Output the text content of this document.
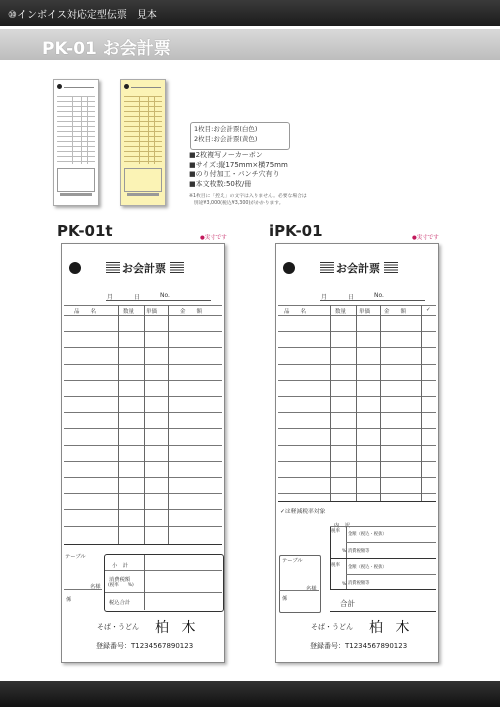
⑩インボイス対応定型伝票　見本
PK-01 お会計票
1枚目:お会計票(白色)
2枚目:お会計票(黄色)
■2枚複写ノーカーボン
■サイズ:縦175mm×横75mm
■のり付加工・パンチ穴有り
■本文枚数:50枚/冊
※1枚目に「控え」の文字は入りません。必要な場合は
　別途¥3,000(税込¥3,300)がかかります。
PK-01t	●実寸です	iPK-01	●実寸です
お会計票
月	日	No.
品　　名	数量 単価	金　　額
テーブル
名様
係
小　計
消費税額
(税率　　%)
税込合計
そば・うどん 柏 木
登録番号：T1234567890123
お会計票
月	日	No.
品　　名	数量 単価	金　　額	✓
✓は軽減税率対象
内　訳
税率
%
税率
%
金額（税込・税抜）
消費税額等
金額（税込・税抜）
消費税額等
テーブル
名様
係	合計
そば・うどん 柏 木
登録番号：T1234567890123
